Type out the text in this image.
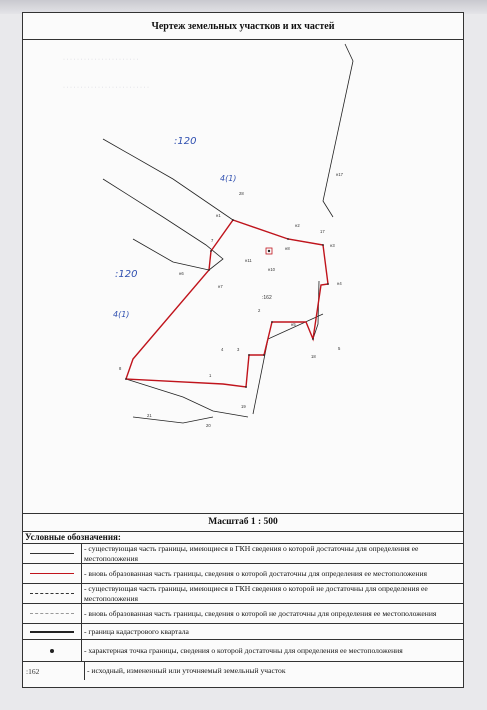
Чертеж земельных участков и их частей
· · · · · · · · · · · · · · · · · · · · · ·
· · · · · · · · · · · · · · · · · · · · · · · · ·
:162
н1
н2
н3
н4
н5
н6
н7
н8
н10
н11
н17
28
17
18
19
20
21
7
8
5
4	3
2
1
:120
4(1)
:120
4(1)
Масштаб 1 : 500
Условные обозначения:
- существующая часть границы, имеющиеся в ГКН сведения о которой достаточны для определения ее местоположения
- вновь образованная часть границы, сведения о которой достаточны для определения ее местоположения
- существующая часть границы, имеющиеся в ГКН сведения о которой не достаточны для определения ее местоположения
- вновь образованная часть границы, сведения о которой не достаточны для определения ее местоположения
- граница кадастрового квартала
- характерная точка границы, сведения о которой достаточны для определения ее местоположения
:162	- исходный, измененный или уточняемый земельный участок
